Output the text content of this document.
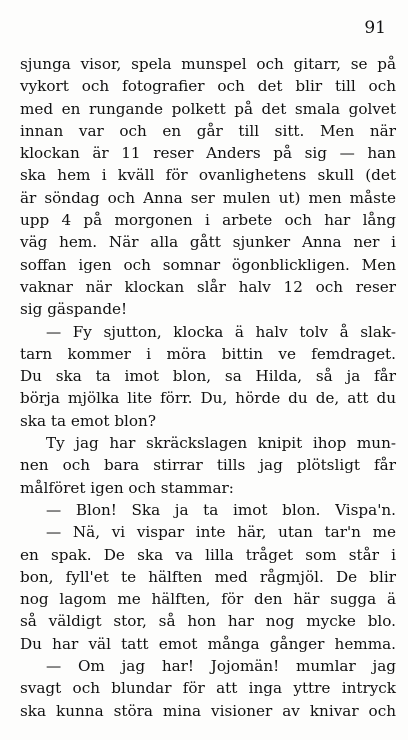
91
sjunga visor, spela munspel och gitarr, se på
vykort och fotografier och det blir till och
med en rungande polkett på det smala golvet
innan var och en går till sitt. Men när
klockan är 11 reser Anders på sig — han
ska hem i kväll för ovanlighetens skull (det
är söndag och Anna ser mulen ut) men måste
upp 4 på morgonen i arbete och har lång
väg hem. När alla gått sjunker Anna ner i
soffan igen och somnar ögonblickligen. Men
vaknar när klockan slår halv 12 och reser
sig gäspande!
— Fy sjutton, klocka ä halv tolv å slak-
tarn kommer i möra bittin ve femdraget.
Du ska ta imot blon, sa Hilda, så ja får
börja mjölka lite förr. Du, hörde du de, att du
ska ta emot blon?
Ty jag har skräckslagen knipit ihop mun-
nen och bara stirrar tills jag plötsligt får
målföret igen och stammar:
— Blon! Ska ja ta imot blon. Vispa'n.
— Nä, vi vispar inte här, utan tar'n me
en spak. De ska va lilla tråget som står i
bon, fyll'et te hälften med rågmjöl. De blir
nog lagom me hälften, för den här sugga ä
så väldigt stor, så hon har nog mycke blo.
Du har väl tatt emot många gånger hemma.
— Om jag har! Jojomän! mumlar jag
svagt och blundar för att inga yttre intryck
ska kunna störa mina visioner av knivar och
